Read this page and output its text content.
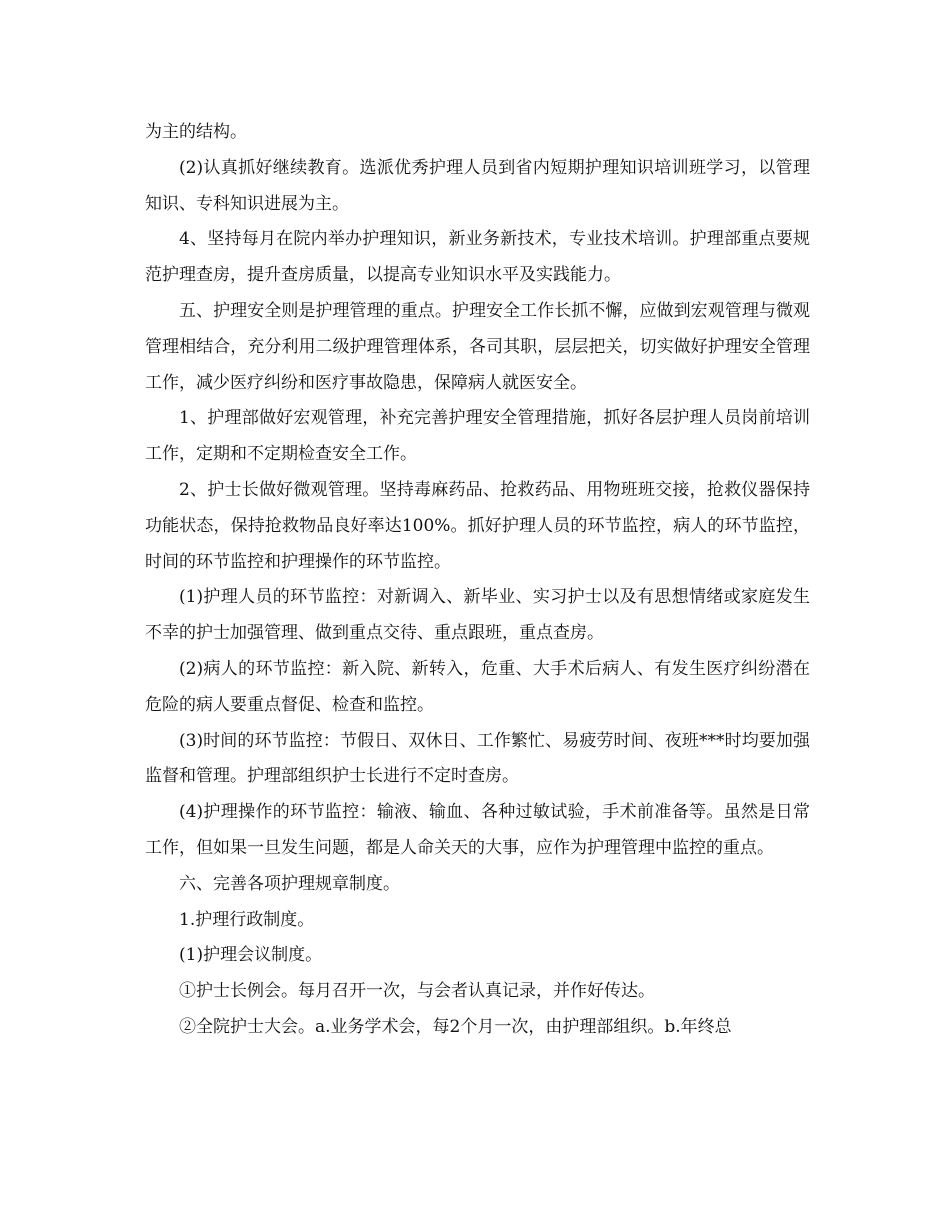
为主的结构。

(2)认真抓好继续教育。选派优秀护理人员到省内短期护理知识培训班学习，以管理知识、专科知识进展为主。

4、坚持每月在院内举办护理知识，新业务新技术，专业技术培训。护理部重点要规范护理查房，提升查房质量，以提高专业知识水平及实践能力。

五、护理安全则是护理管理的重点。护理安全工作长抓不懈，应做到宏观管理与微观管理相结合，充分利用二级护理管理体系，各司其职，层层把关，切实做好护理安全管理工作，减少医疗纠纷和医疗事故隐患，保障病人就医安全。

1、护理部做好宏观管理，补充完善护理安全管理措施，抓好各层护理人员岗前培训工作，定期和不定期检查安全工作。

2、护士长做好微观管理。坚持毒麻药品、抢救药品、用物班班交接，抢救仪器保持功能状态，保持抢救物品良好率达100%。抓好护理人员的环节监控，病人的环节监控，时间的环节监控和护理操作的环节监控。

(1)护理人员的环节监控：对新调入、新毕业、实习护士以及有思想情绪或家庭发生不幸的护士加强管理、做到重点交待、重点跟班，重点查房。

(2)病人的环节监控：新入院、新转入，危重、大手术后病人、有发生医疗纠纷潜在危险的病人要重点督促、检查和监控。

(3)时间的环节监控：节假日、双休日、工作繁忙、易疲劳时间、夜班***时均要加强监督和管理。护理部组织护士长进行不定时查房。

(4)护理操作的环节监控：输液、输血、各种过敏试验，手术前准备等。虽然是日常工作，但如果一旦发生问题，都是人命关天的大事，应作为护理管理中监控的重点。

六、完善各项护理规章制度。

1.护理行政制度。

(1)护理会议制度。

①护士长例会。每月召开一次，与会者认真记录，并作好传达。

②全院护士大会。a.业务学术会，每2个月一次，由护理部组织。b.年终总
